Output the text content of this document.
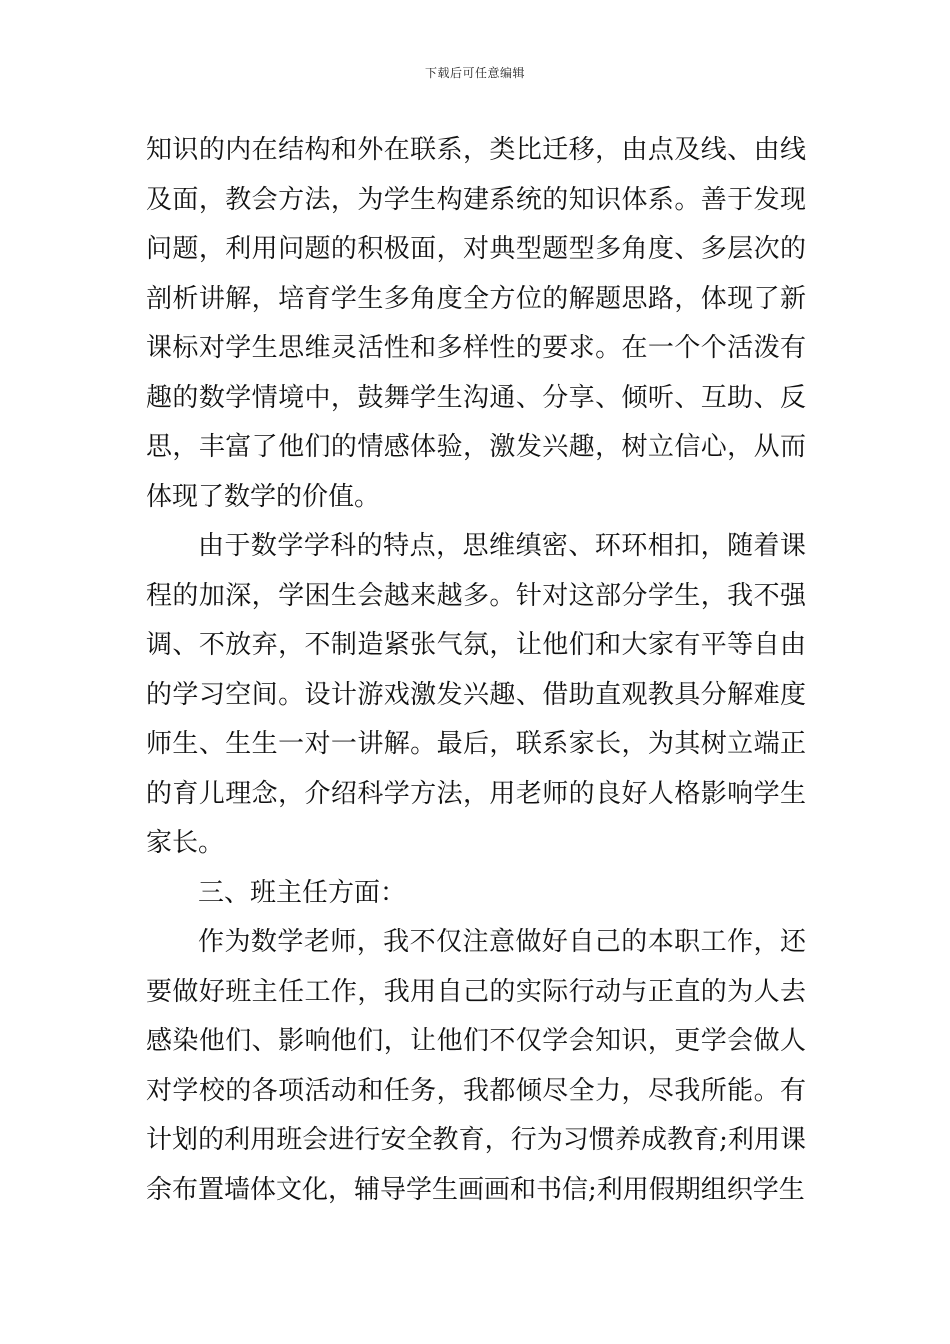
下载后可任意编辑

知识的内在结构和外在联系，类比迁移，由点及线、由线及面，教会方法，为学生构建系统的知识体系。善于发现问题，利用问题的积极面，对典型题型多角度、多层次的剖析讲解，培育学生多角度全方位的解题思路，体现了新课标对学生思维灵活性和多样性的要求。在一个个活泼有趣的数学情境中，鼓舞学生沟通、分享、倾听、互助、反思，丰富了他们的情感体验，激发兴趣，树立信心，从而体现了数学的价值。

由于数学学科的特点，思维缜密、环环相扣，随着课程的加深，学困生会越来越多。针对这部分学生，我不强调、不放弃，不制造紧张气氛，让他们和大家有平等自由的学习空间。设计游戏激发兴趣、借助直观教具分解难度师生、生生一对一讲解。最后，联系家长，为其树立端正的育儿理念，介绍科学方法，用老师的良好人格影响学生家长。

三、班主任方面：

作为数学老师，我不仅注意做好自己的本职工作，还要做好班主任工作，我用自己的实际行动与正直的为人去感染他们、影响他们，让他们不仅学会知识，更学会做人对学校的各项活动和任务，我都倾尽全力，尽我所能。有计划的利用班会进行安全教育，行为习惯养成教育;利用课余布置墙体文化，辅导学生画画和书信;利用假期组织学生
